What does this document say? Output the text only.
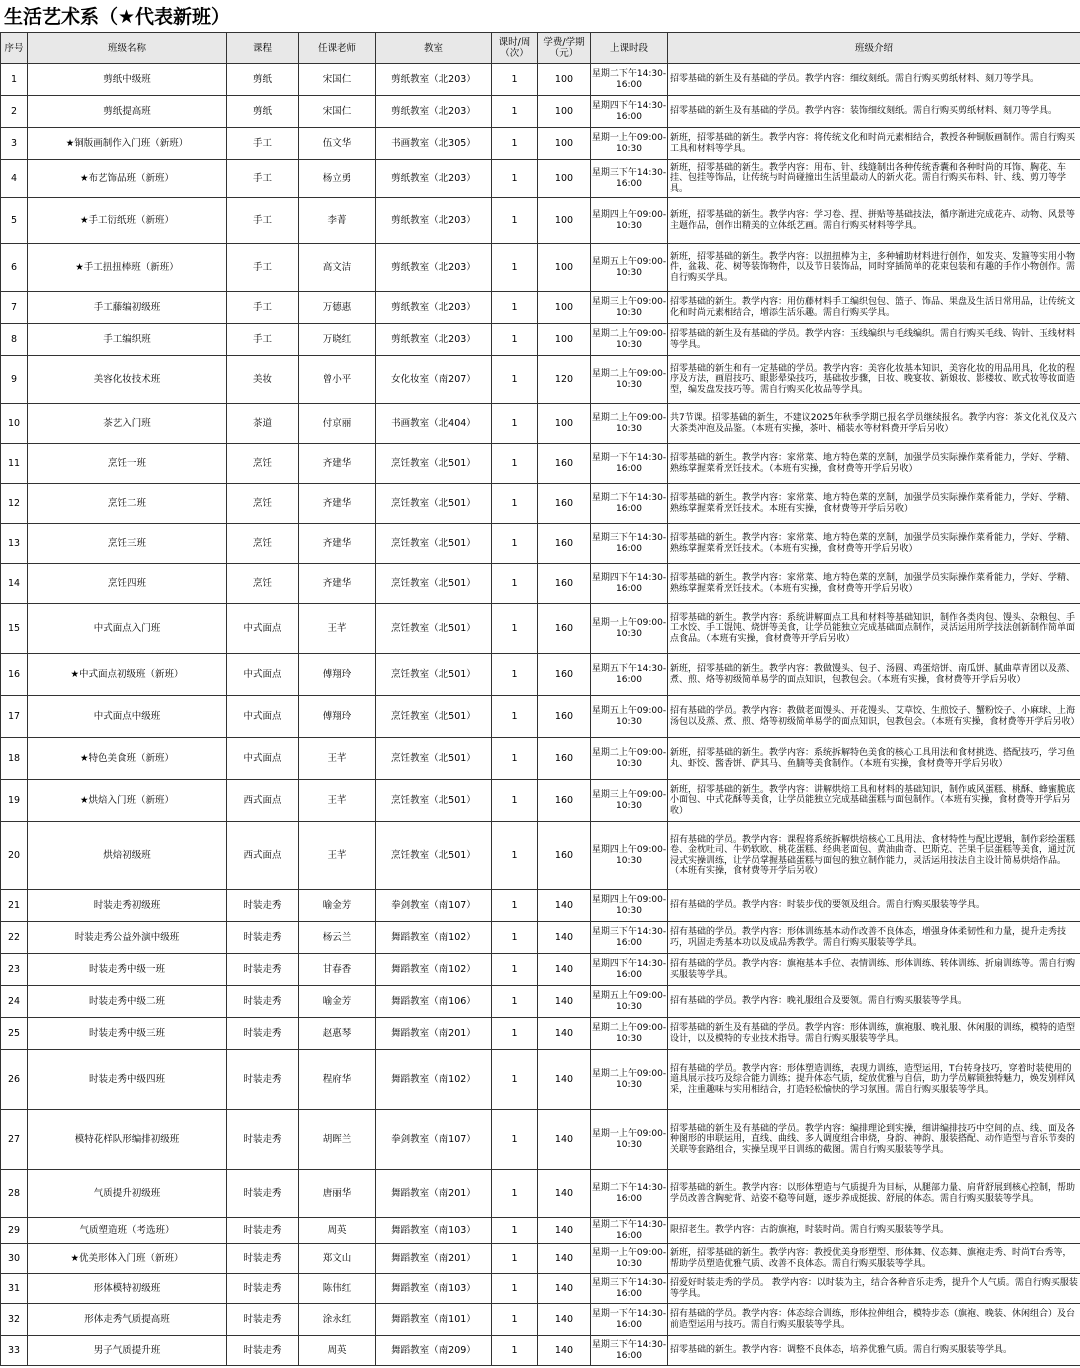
生活艺术系（★代表新班）
序号	班级名称	课程	任课老师	教室	课时/周（次）	学费/学期（元）	上课时段	班级介绍
1	剪纸中级班	剪纸	宋国仁	剪纸教室（北203）	1	100	星期二下午14:30-16:00	招零基础的新生及有基础的学员。教学内容：细纹刻纸。需自行购买剪纸材料、刻刀等学具。
2	剪纸提高班	剪纸	宋国仁	剪纸教室（北203）	1	100	星期四下午14:30-16:00	招零基础的新生及有基础的学员。教学内容：装饰细纹刻纸。需自行购买剪纸材料、刻刀等学具。
3	★铜版画制作入门班（新班）	手工	伍文华	书画教室（北305）	1	100	星期一上午09:00-10:30	新班，招零基础的新生。教学内容：将传统文化和时尚元素相结合，教授各种铜版画制作。需自行购买工具和材料等学具。
4	★布艺饰品班（新班）	手工	杨立勇	剪纸教室（北203）	1	100	星期三下午14:30-16:00	新班，招零基础的新生。教学内容：用布、针、线缝制出各种传统香囊和各种时尚的耳饰、胸花、车挂、包挂等饰品，让传统与时尚碰撞出生活里最动人的新火花。需自行购买布料、针、线、剪刀等学具。
5	★手工衍纸班（新班）	手工	李菁	剪纸教室（北203）	1	100	星期四上午09:00-10:30	新班，招零基础的新生。教学内容：学习卷、捏、拼贴等基础技法，循序渐进完成花卉、动物、风景等主题作品，创作出精美的立体纸艺画。需自行购买材料等学具。
6	★手工扭扭棒班（新班）	手工	高文洁	剪纸教室（北203）	1	100	星期五上午09:00-10:30	新班，招零基础的新生。教学内容：以扭扭棒为主，多种辅助材料进行创作，如发夹、发箍等实用小物件，盆栽、花、树等装饰物件，以及节日装饰品，同时穿插简单的花束包装和有趣的手作小物创作。需自行购买学具。
7	手工藤编初级班	手工	万德惠	剪纸教室（北203）	1	100	星期三上午09:00-10:30	招零基础的新生。教学内容：用仿藤材料手工编织包包、篮子、饰品、果盘及生活日常用品，让传统文化和时尚元素相结合，增添生活乐趣。需自行购买学具。
8	手工编织班	手工	万晓红	剪纸教室（北203）	1	100	星期二上午09:00-10:30	招零基础的新生及有基础的学员。教学内容：玉线编织与毛线编织。需自行购买毛线、钩针、玉线材料等学具。
9	美容化妆技术班	美妆	曾小平	女化妆室（南207）	1	120	星期二上午09:00-10:30	招零基础的新生和有一定基础的学员。教学内容：美容化妆基本知识，美容化妆的用品用具，化妆的程序及方法，画眉技巧、眼影晕染技巧，基础妆步骤，日妆、晚宴妆、新娘妆、影楼妆、欧式妆等妆面造型，编发盘发技巧等。需自行购买化妆品等学具。
10	茶艺入门班	茶道	付京丽	书画教室（北404）	1	100	星期二上午09:00-10:30	共7节课。招零基础的新生，不建议2025年秋季学期已报名学员继续报名。教学内容：茶文化礼仪及六大茶类冲泡及品鉴。（本班有实操，茶叶、桶装水等材料费开学后另收）
11	烹饪一班	烹饪	齐建华	烹饪教室（北501）	1	160	星期一下午14:30-16:00	招零基础的新生。教学内容：家常菜、地方特色菜的烹制，加强学员实际操作菜肴能力，学好、学精、熟练掌握菜肴烹饪技术。（本班有实操，食材费等开学后另收）
12	烹饪二班	烹饪	齐建华	烹饪教室（北501）	1	160	星期二下午14:30-16:00	招零基础的新生。教学内容：家常菜、地方特色菜的烹制，加强学员实际操作菜肴能力，学好、学精、熟练掌握菜肴烹饪技术。本班有实操，食材费等开学后另收）
13	烹饪三班	烹饪	齐建华	烹饪教室（北501）	1	160	星期三下午14:30-16:00	招零基础的新生。教学内容：家常菜、地方特色菜的烹制，加强学员实际操作菜肴能力，学好、学精、熟练掌握菜肴烹饪技术。（本班有实操，食材费等开学后另收）
14	烹饪四班	烹饪	齐建华	烹饪教室（北501）	1	160	星期四下午14:30-16:00	招零基础的新生。教学内容：家常菜、地方特色菜的烹制，加强学员实际操作菜肴能力，学好、学精、熟练掌握菜肴烹饪技术。（本班有实操，食材费等开学后另收）
15	中式面点入门班	中式面点	王芊	烹饪教室（北501）	1	160	星期一上午09:00-10:30	招零基础的新生。教学内容：系统讲解面点工具和材料等基础知识，制作各类肉包、馒头、杂粮包、手工水饺、手工馄饨、烧饼等美食，让学员能独立完成基础面点制作，灵活运用所学技法创新制作简单面点食品。（本班有实操，食材费等开学后另收）
16	★中式面点初级班（新班）	中式面点	傅翔玲	烹饪教室（北501）	1	160	星期五下午14:30-16:00	新班，招零基础的新生。教学内容：教做馒头、包子、汤圆、鸡蛋焙饼、南瓜饼、腻曲草青团以及蒸、煮、煎、烙等初级简单易学的面点知识，包教包会。（本班有实操，食材费等开学后另收）
17	中式面点中级班	中式面点	傅翔玲	烹饪教室（北501）	1	160	星期五上午09:00-10:30	招有基础的学员。教学内容：教做老面馒头、开花馒头、艾草饺、生煎饺子、蟹粉饺子、小麻球、上海汤包以及蒸、煮、煎、烙等初级简单易学的面点知识，包教包会。（本班有实操，食材费等开学后另收）
18	★特色美食班（新班）	中式面点	王芊	烹饪教室（北501）	1	160	星期二上午09:00-10:30	新班，招零基础的新生。教学内容：系统拆解特色美食的核心工具用法和食材挑选、搭配技巧，学习鱼丸、虾饺、酱香饼、萨其马、鱼腩等美食制作。（本班有实操，食材费等开学后另收）
19	★烘焙入门班（新班）	西式面点	王芊	烹饪教室（北501）	1	160	星期三上午09:00-10:30	新班，招零基础的新生。教学内容：讲解烘焙工具和材料的基础知识，制作戚风蛋糕、桃酥、蜂蜜脆底小面包、中式花酥等美食，让学员能独立完成基础蛋糕与面包制作。（本班有实操，食材费等开学后另收）
20	烘焙初级班	西式面点	王芊	烹饪教室（北501）	1	160	星期四上午09:00-10:30	招有基础的学员。教学内容：课程将系统拆解烘焙核心工具用法、食材特性与配比逻辑，制作彩绘蛋糕卷、金枕吐司、牛奶软欧、桃花蛋糕、经典老面包、黄油曲奇、巴斯克、芒果千层蛋糕等美食，通过沉浸式实操训练，让学员掌握基础蛋糕与面包的独立制作能力，灵活运用技法自主设计简易烘焙作品。（本班有实操，食材费等开学后另收）
21	时装走秀初级班	时装走秀	喻金芳	拳剑教室（南107）	1	140	星期四上午09:00-10:30	招有基础的学员。教学内容：时装步伐的要领及组合。需自行购买服装等学具。
22	时装走秀公益外演中级班	时装走秀	杨云兰	舞蹈教室（南102）	1	140	星期三下午14:30-16:00	招有基础的学员。教学内容：形体训练基本动作改善不良体态，增强身体柔韧性和力量，提升走秀技巧，巩固走秀基本功以及成品秀教学。需自行购买服装等学具。
23	时装走秀中级一班	时装走秀	甘春香	舞蹈教室（南102）	1	140	星期四下午14:30-16:00	招有基础的学员。教学内容：旗袍基本手位、表情训练、形体训练、转体训练、折扇训练等。需自行购买服装等学具。
24	时装走秀中级二班	时装走秀	喻金芳	舞蹈教室（南106）	1	140	星期五上午09:00-10:30	招有基础的学员。教学内容：晚礼服组合及要领。需自行购买服装等学具。
25	时装走秀中级三班	时装走秀	赵惠琴	舞蹈教室（南201）	1	140	星期二上午09:00-10:30	招零基础的新生及有基础的学员。教学内容：形体训练，旗袍服、晚礼服、休闲服的训练，模特的造型设计，以及模特的专业技术指导。需自行购买服装等学具。
26	时装走秀中级四班	时装走秀	程府华	舞蹈教室（南102）	1	140	星期二上午09:00-10:30	招有基础的学员。教学内容：形体塑造训练，表现力训练，造型运用，T台转身技巧，穿着时装使用的道具展示技巧及综合能力训练；提升体态气质，绽放优雅与自信，助力学员解锁独特魅力，焕发别样风采，注重趣味与实用相结合，打造轻松愉快的学习氛围。需自行购买服装等学具。
27	模特花样队形编排初级班	时装走秀	胡晖兰	拳剑教室（南107）	1	140	星期一上午09:00-10:30	招零基础的新生及有基础的学员。教学内容：编排理论到实操，细讲编排技巧中空间的点、线、面及各种图形的串联运用，直线、曲线、多人调度组合串烧，身韵、神韵、服装搭配、动作造型与音乐节奏的关联等套路组合，实操呈现平日训练的截图。需自行购买服装等学具。
28	气质提升初级班	时装走秀	唐丽华	舞蹈教室（南201）	1	140	星期二下午14:30-16:00	招零基础的新生。教学内容：以形体塑造与气质提升为目标，从腿部力量、肩背舒展到核心控制，帮助学员改善含胸驼背、站姿不稳等问题，逐步养成挺拔、舒展的体态。需自行购买服装等学具。
29	气质塑造班（考选班）	时装走秀	周英	舞蹈教室（南103）	1	140	星期二下午14:30-16:00	限招老生。教学内容：古韵旗袍，时装时尚。需自行购买服装等学具。
30	★优美形体入门班（新班）	时装走秀	郑文山	舞蹈教室（南201）	1	140	星期一上午09:00-10:30	新班，招零基础的新生。教学内容：教授优美身形塑型、形体舞、仪态舞、旗袍走秀、时尚T台秀等，帮助学员塑造优雅气质、改善不良体态。需自行购买服装等学具。
31	形体模特初级班	时装走秀	陈伟红	舞蹈教室（南103）	1	140	星期三下午14:30-16:00	招爱好时装走秀的学员。 教学内容：以时装为主，结合各种音乐走秀，提升个人气质。需自行购买服装等学具。
32	形体走秀气质提高班	时装走秀	涂永红	舞蹈教室（南101）	1	140	星期一下午14:30-16:00	招有基础的学员。教学内容：体态综合训练，形体拉伸组合，模特步态（旗袍、晚装、休闲组合）及台前造型运用与技巧。需自行购买服装等学具。
33	男子气质提升班	时装走秀	周英	舞蹈教室（南209）	1	140	星期三下午14:30-16:00	招零基础的新生。教学内容：调整不良体态，培养优雅气质。需自行购买服装等学具。
